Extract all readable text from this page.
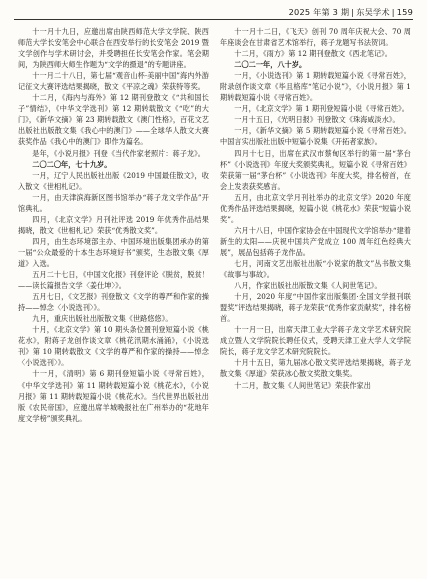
2025 年第 3 期 | 东吴学术 | 159

十一月十九日，应邀出席由陕西师范大学文学院、陕西师范大学长安笔会中心联合在西安举行的长安笔会 2019 暨文学创作与学术研讨会，并受聘担任长安笔会作家。笔会期间，为陕西师大师生作题为“文学的摄退”的专题讲座。

十一月二十八日，第七届“观音山杯·美丽中国”海内外游记征文大赛评选结果揭晓，散文《平凉之魂》荣获特等奖。

十二月，《海内与海外》第 12 期刊登散文《“共和国长子”情结》，《中华文学选刊》第 12 期转载散文《“吃”的大门》，《新华文摘》第 23 期转载散文《澳门性格》，百花文艺出版社出版散文集《我心中的澳门》——全球华人散文大赛获奖作品《我心中的澳门》即作为篇名。

是年，《小说月报》刊登《当代作家老照片：蒋子龙》。

二〇二〇年，七十九岁。

一月，辽宁人民出版社出版《2019 中国最佳散文》，收入散文《世相札记》。

一月，由天津滨海新区图书馆举办“蒋子龙文学作品”开馆典礼。

四月，《北京文学》月刊社评选 2019 年优秀作品结果揭晓，散文《世相札记》荣获“优秀散文奖”。

四月，由生态环境部主办、中国环境出版集团承办的第一届“公众最爱的十本生态环境好书”颁奖，生态散文集《厚道》入选。

五月二十七日，《中国文化报》刊登评论《脱贫，脱贫！——读长篇报告文学〈姜仕坤〉》。

五月七日，《文艺报》刊登散文《文学的尊严和作家的操持——悼念〈小说选刊〉》。

九月，重庆出版社出版散文集《世路悠悠》。

十月，《北京文学》第 10 期头条位置刊登短篇小说《桃花水》，附蒋子龙创作谈文章《桃花汛期水涌涌》，《小说选刊》第 10 期转载散文《文学的尊严和作家的操持——悼念〈小说选刊〉》。

十一月，《清明》第 6 期刊登短篇小说《寻常百姓》，《中华文学选刊》第 11 期转载短篇小说《桃花水》，《小说月报》第 11 期转载短篇小说《桃花水》。当代世界出版社出版《农民帝国》，应邀出席羊城晚报社在广州举办的“花地年度文学榜”颁奖典礼。

十一月十二日，《飞天》创刊 70 周年庆祝大会、70 周年座谈会在甘肃省艺术馆举行，蒋子龙题写书法贺词。

十二月，《雨方》第 12 期刊登散文《西北笔记》。

二〇二一年，八十岁。

一月，《小说选刊》第 1 期转载短篇小说《寻常百姓》，附录创作谈文章《毕且格库“笔记小说”》，《小说月报》第 1 期转载短篇小说《寻常百姓》。

一月，《北京文学》第 1 期刊登短篇小说《寻常百姓》。

一月十五日，《光明日报》刊登散文《珠海咸淡水》。

一月，《新华文摘》第 5 期转载短篇小说《寻常百姓》。中国言实出版社出版中短篇小说集《开拓者家族》。

四月十七日，出席在武汉市蔡甸区举行的第一届“茅台杯”《小说选刊》年度大奖颁奖典礼，短篇小说《寻常百姓》荣获第一届“茅台杯”《小说选刊》年度大奖，排名榜首，在会上发表获奖感言。

五月，由北京文学月刊社举办的北京文学》2020 年度优秀作品评选结果揭晓，短篇小说《桃花水》荣获“短篇小说奖”。

六月十八日，中国作家协会在中国现代文学馆举办“建着新生的太阳——庆祝中国共产党成立 100 周年红色经典大展”，展品包括蒋子龙作品。

七月，河南文艺出版社出版“小说家的散文”丛书散文集《故事与事故》。

八月，作家出版社出版散文集《人间世笔记》。

十月，2020 年度“中国作家出版集团·全国文学报刊联盟奖”评选结果揭晓，蒋子龙荣获“优秀作家贡献奖”，排名榜首。

十一月一日，出席天津工业大学蒋子龙文学艺术研究院成立暨人文学院院长聘任仪式，受聘天津工业大学人文学院院长，蒋子龙文学艺术研究院院长。

十月十五日，第九届冰心散文奖评选结果揭晓，蒋子龙散文集《厚道》荣获冰心散文奖散文集奖。

十二月，散文集《人间世笔记》荣获作家出
